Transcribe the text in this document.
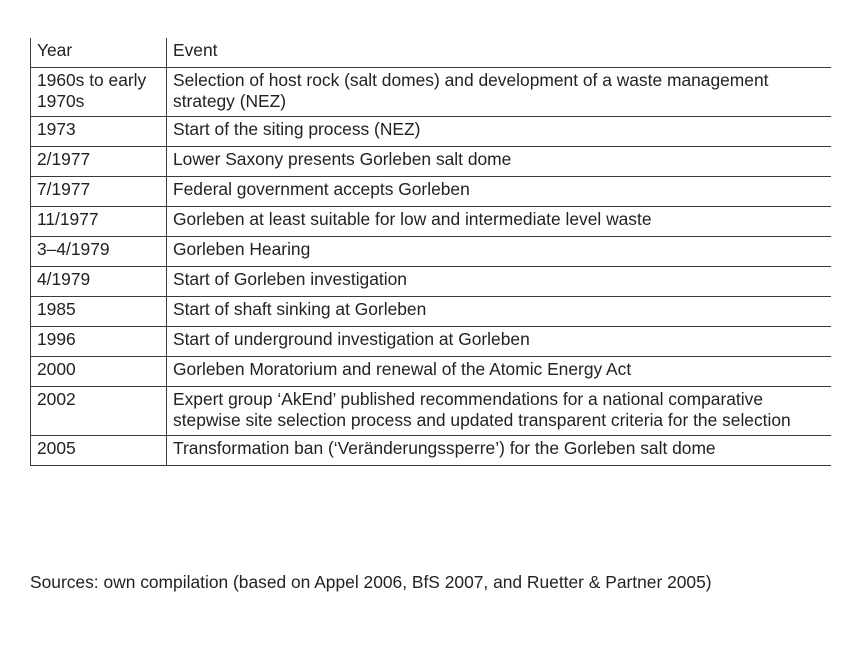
Year	Event
1960s to early 1970s	Selection of host rock (salt domes) and development of a waste management strategy (NEZ)
1973	Start of the siting process (NEZ)
2/1977	Lower Saxony presents Gorleben salt dome
7/1977	Federal government accepts Gorleben
11/1977	Gorleben at least suitable for low and intermediate level waste
3–4/1979	Gorleben Hearing
4/1979	Start of Gorleben investigation
1985	Start of shaft sinking at Gorleben
1996	Start of underground investigation at Gorleben
2000	Gorleben Moratorium and renewal of the Atomic Energy Act
2002	Expert group ‘AkEnd’ published recommendations for a national comparative stepwise site selection process and updated transparent criteria for the selection
2005	Transformation ban (‘Veränderungssperre’) for the Gorleben salt dome
Sources: own compilation (based on Appel 2006, BfS 2007, and Ruetter & Partner 2005)
